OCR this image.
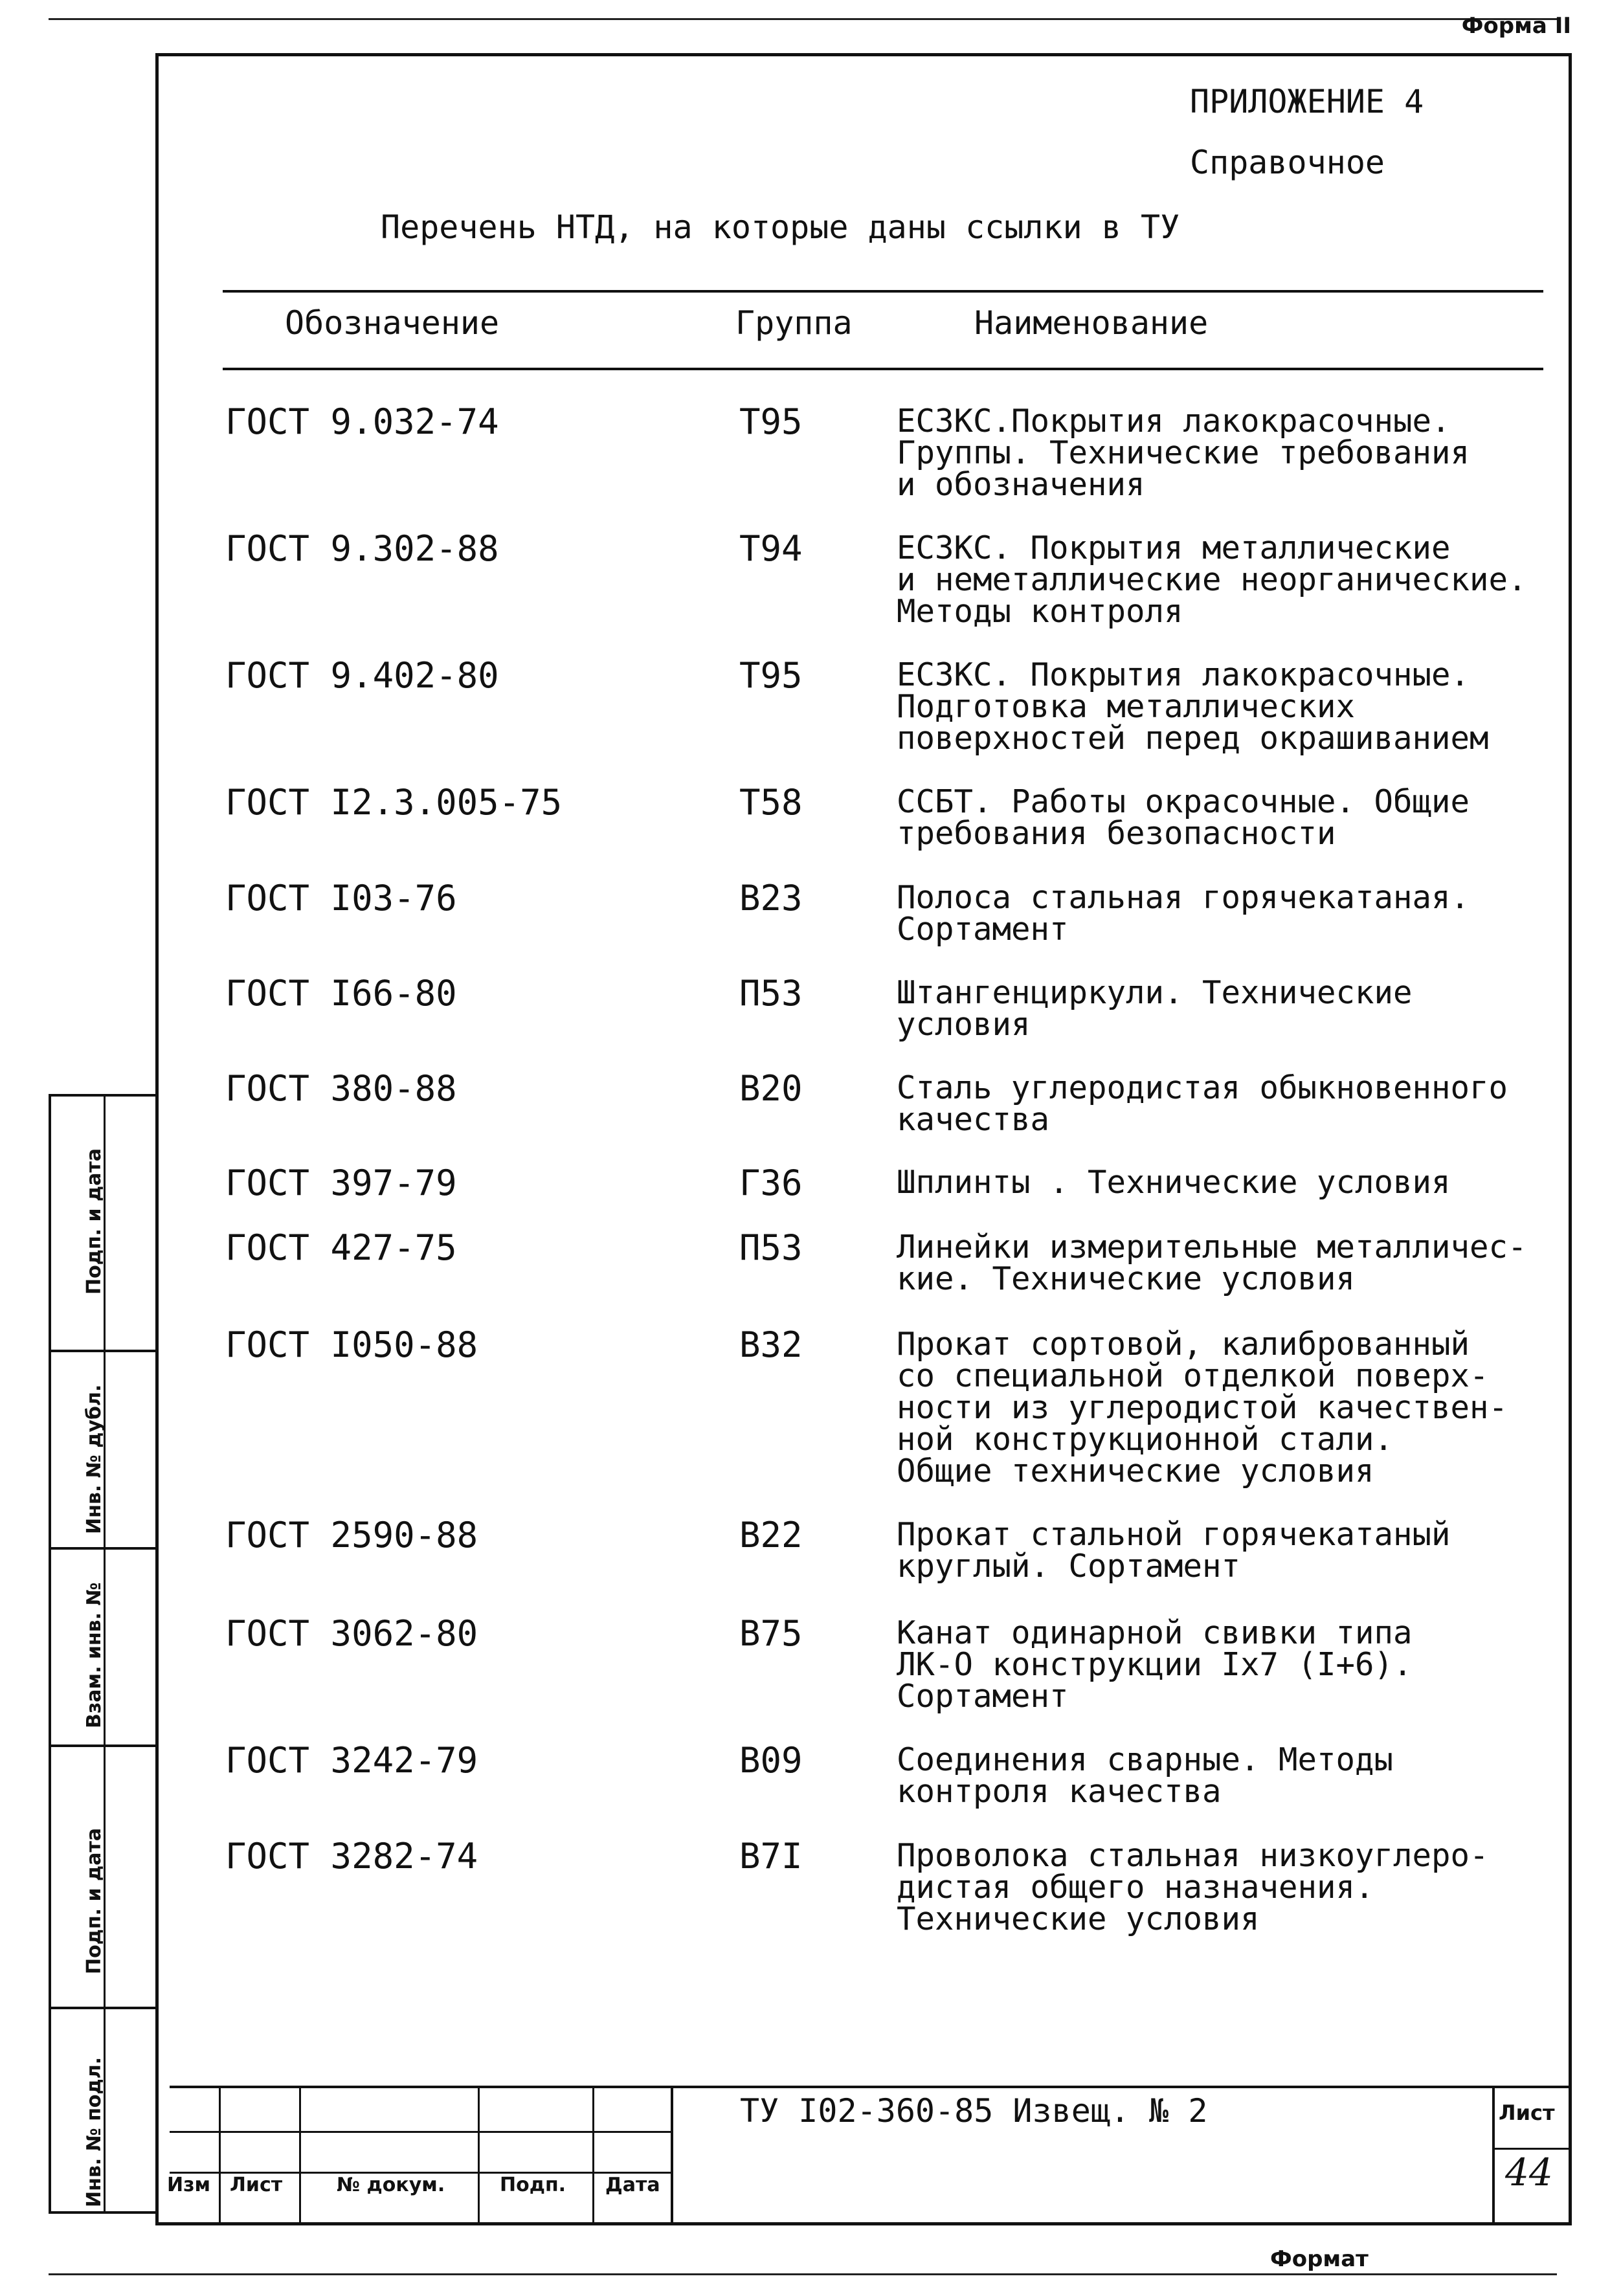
Форма II
ПРИЛОЖЕНИЕ 4
Справочное
Перечень НТД, на которые даны ссылки в ТУ
Обозначение	Группа	Наименование
ГОСТ 9.032-74	Т95	ЕСЗКС.Покрытия лакокрасочные.
Группы. Технические требования
и обозначения
ГОСТ 9.302-88	Т94	ЕСЗКС. Покрытия металлические
и неметаллические неорганические.
Методы контроля
ГОСТ 9.402-80	Т95	ЕСЗКС. Покрытия лакокрасочные.
Подготовка металлических
поверхностей перед окрашиванием
ГОСТ I2.3.005-75	Т58	ССБТ. Работы окрасочные. Общие
требования безопасности
ГОСТ I03-76	В23	Полоса стальная горячекатаная.
Сортамент
ГОСТ I66-80	П53	Штангенциркули. Технические
условия
ГОСТ 380-88	В20	Сталь углеродистая обыкновенного
качества
ГОСТ 397-79	Г36	Шплинты . Технические условия
ГОСТ 427-75	П53	Линейки измерительные металличес-
кие. Технические условия
ГОСТ I050-88	В32	Прокат сортовой, калиброванный
со специальной отделкой поверх-
ности из углеродистой качествен-
ной конструкционной стали.
Общие технические условия
ГОСТ 2590-88	В22	Прокат стальной горячекатаный
круглый. Сортамент
ГОСТ 3062-80	В75	Канат одинарной свивки типа
ЛК-О конструкции Iх7 (I+6).
Сортамент
ГОСТ 3242-79	В09	Соединения сварные. Методы
контроля качества
ГОСТ 3282-74	В7I	Проволока стальная низкоуглеро-
дистая общего назначения.
Технические условия
Подп. и дата
Инв. № дубл.
Взам. инв. №
Подп. и дата
Инв. № подл.	Изм Лист	№ докум.	Подп. Дата
ТУ I02-360-85 Извещ. № 2	Лист
44
Формат
